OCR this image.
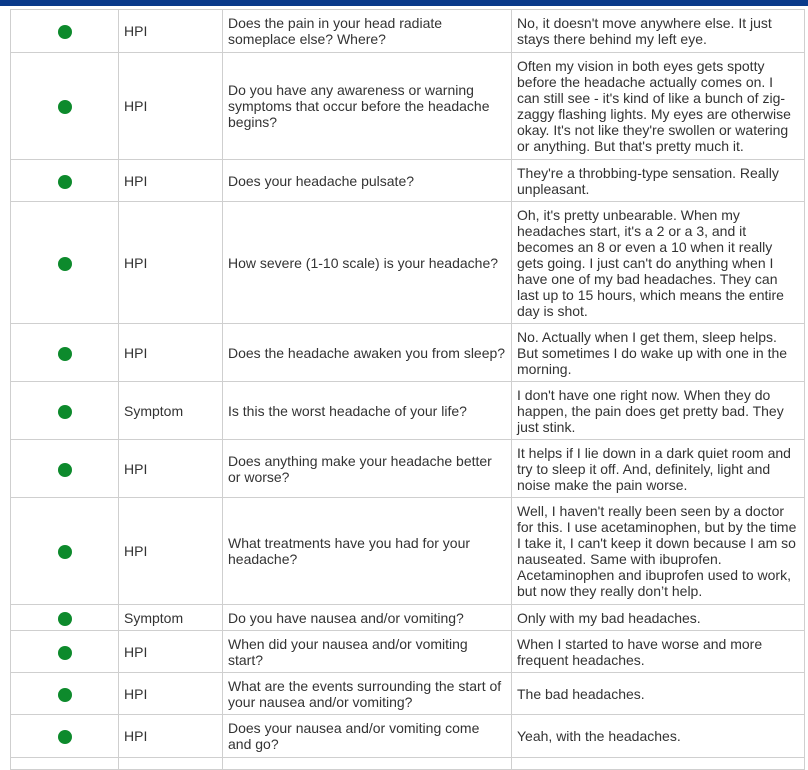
	HPI	Does the pain in your head radiate someplace else? Where?	No, it doesn't move anywhere else. It just stays there behind my left eye.
	HPI	Do you have any awareness or warning symptoms that occur before the headache begins?	Often my vision in both eyes gets spotty before the headache actually comes on. I can still see - it's kind of like a bunch of zig-zaggy flashing lights. My eyes are otherwise okay. It's not like they're swollen or watering or anything. But that's pretty much it.
	HPI	Does your headache pulsate?	They're a throbbing-type sensation. Really unpleasant.
	HPI	How severe (1-10 scale) is your headache?	Oh, it's pretty unbearable. When my headaches start, it's a 2 or a 3, and it becomes an 8 or even a 10 when it really gets going. I just can't do anything when I have one of my bad headaches. They can last up to 15 hours, which means the entire day is shot.
	HPI	Does the headache awaken you from sleep?	No. Actually when I get them, sleep helps. But sometimes I do wake up with one in the morning.
	Symptom	Is this the worst headache of your life?	I don't have one right now. When they do happen, the pain does get pretty bad. They just stink.
	HPI	Does anything make your headache better or worse?	It helps if I lie down in a dark quiet room and try to sleep it off. And, definitely, light and noise make the pain worse.
	HPI	What treatments have you had for your headache?	Well, I haven't really been seen by a doctor for this. I use acetaminophen, but by the time I take it, I can't keep it down because I am so nauseated. Same with ibuprofen. Acetaminophen and ibuprofen used to work, but now they really don’t help.
	Symptom	Do you have nausea and/or vomiting?	Only with my bad headaches.
	HPI	When did your nausea and/or vomiting start?	When I started to have worse and more frequent headaches.
	HPI	What are the events surrounding the start of your nausea and/or vomiting?	The bad headaches.
	HPI	Does your nausea and/or vomiting come and go?	Yeah, with the headaches.
